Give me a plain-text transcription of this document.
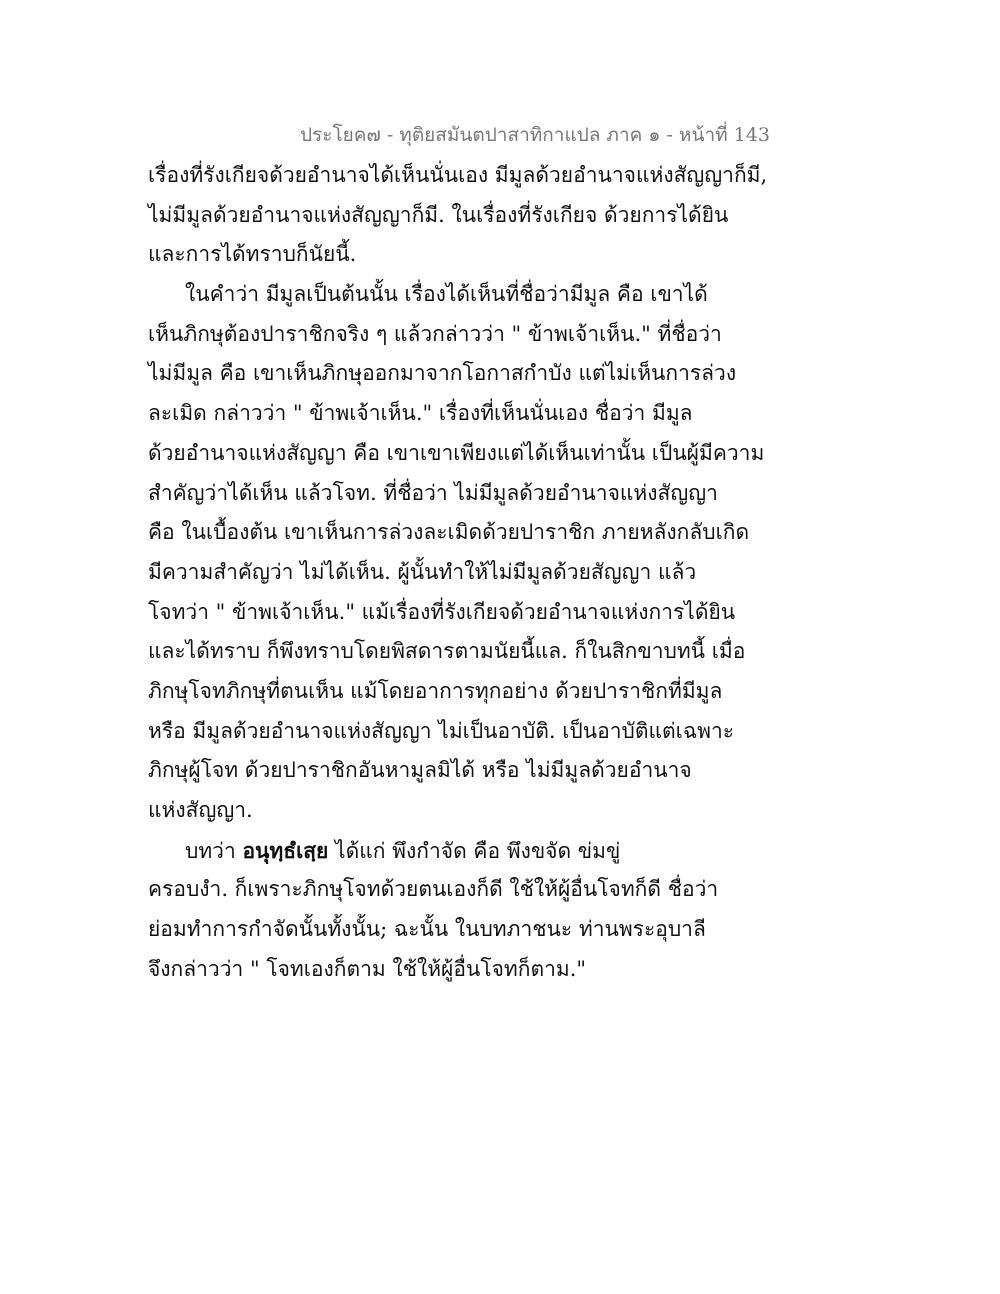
ประโยค๗ - ทุติยสมันตปาสาทิกาแปล ภาค ๑ - หน้าที่ 143
เรื่องที่รังเกียจด้วยอำนาจได้เห็นนั่นเอง มีมูลด้วยอำนาจแห่งสัญญาก็มี,
ไม่มีมูลด้วยอำนาจแห่งสัญญาก็มี. ในเรื่องที่รังเกียจ ด้วยการได้ยิน
และการได้ทราบก็นัยนี้.
ในคำว่า มีมูลเป็นต้นนั้น เรื่องได้เห็นที่ชื่อว่ามีมูล คือ เขาได้
เห็นภิกษุต้องปาราชิกจริง ๆ แล้วกล่าวว่า " ข้าพเจ้าเห็น." ที่ชื่อว่า
ไม่มีมูล คือ เขาเห็นภิกษุออกมาจากโอกาสกำบัง แต่ไม่เห็นการล่วง
ละเมิด กล่าวว่า " ข้าพเจ้าเห็น." เรื่องที่เห็นนั่นเอง ชื่อว่า มีมูล
ด้วยอำนาจแห่งสัญญา คือ เขาเขาเพียงแต่ได้เห็นเท่านั้น เป็นผู้มีความ
สำคัญว่าได้เห็น แล้วโจท. ที่ชื่อว่า ไม่มีมูลด้วยอำนาจแห่งสัญญา
คือ ในเบื้องต้น เขาเห็นการล่วงละเมิดด้วยปาราชิก ภายหลังกลับเกิด
มีความสำคัญว่า ไม่ได้เห็น. ผู้นั้นทำให้ไม่มีมูลด้วยสัญญา แล้ว
โจทว่า " ข้าพเจ้าเห็น." แม้เรื่องที่รังเกียจด้วยอำนาจแห่งการได้ยิน
และได้ทราบ ก็พึงทราบโดยพิสดารตามนัยนี้แล. ก็ในสิกขาบทนี้ เมื่อ
ภิกษุโจทภิกษุที่ตนเห็น แม้โดยอาการทุกอย่าง ด้วยปาราชิกที่มีมูล
หรือ มีมูลด้วยอำนาจแห่งสัญญา ไม่เป็นอาบัติ. เป็นอาบัติแต่เฉพาะ
ภิกษุผู้โจท ด้วยปาราชิกอันหามูลมิได้ หรือ ไม่มีมูลด้วยอำนาจ
แห่งสัญญา.
บทว่า อนุทฺธํเสฺย ได้แก่ พึงกำจัด คือ พึงขจัด ข่มขู่
ครอบงำ. ก็เพราะภิกษุโจทด้วยตนเองก็ดี ใช้ให้ผู้อื่นโจทก็ดี ชื่อว่า
ย่อมทำการกำจัดนั้นทั้งนั้น; ฉะนั้น ในบทภาชนะ ท่านพระอุบาลี
จึงกล่าวว่า " โจทเองก็ตาม ใช้ให้ผู้อื่นโจทก็ตาม."
